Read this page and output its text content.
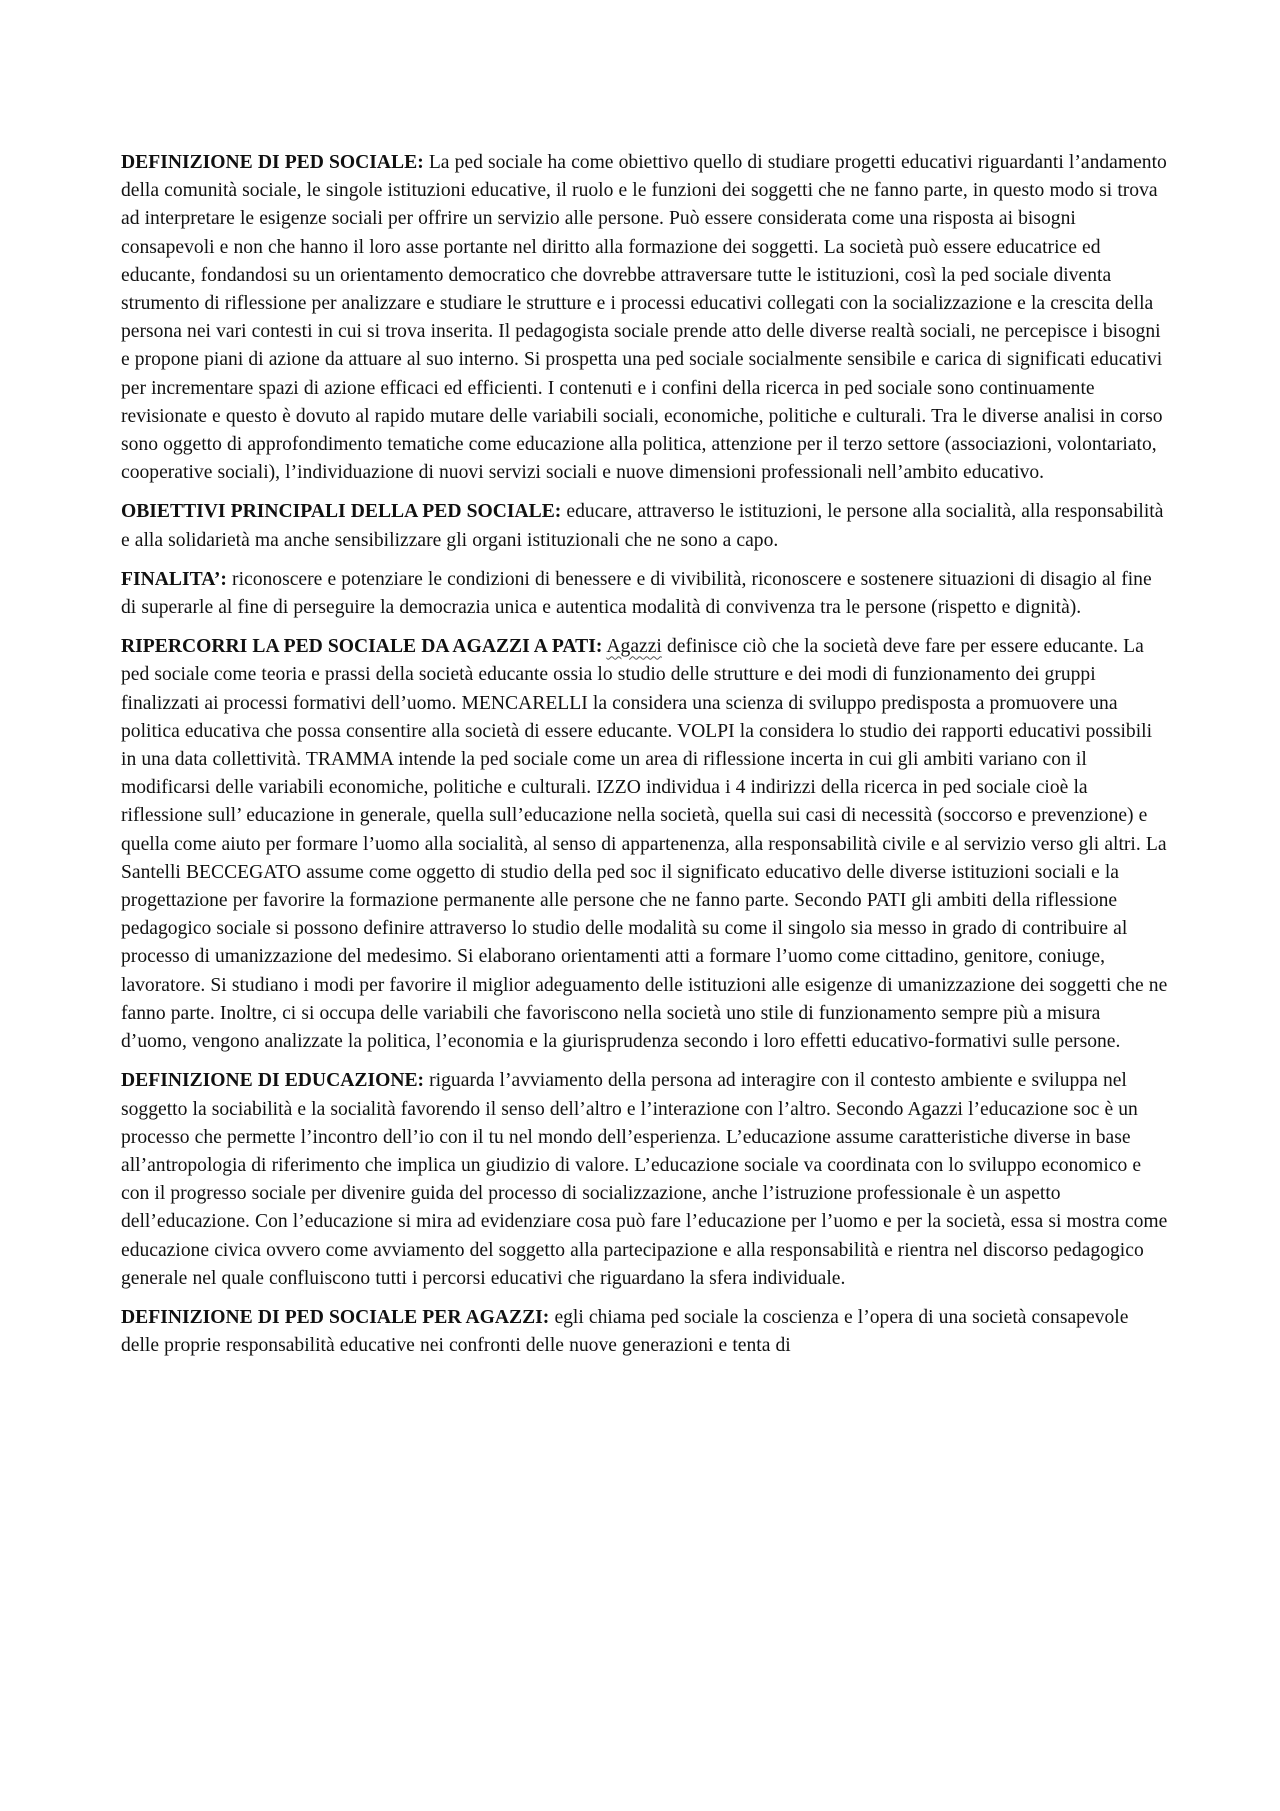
DEFINIZIONE DI PED SOCIALE: La ped sociale ha come obiettivo quello di studiare progetti educativi riguardanti l’andamento della comunità sociale, le singole istituzioni educative, il ruolo e le funzioni dei soggetti che ne fanno parte, in questo modo si trova ad interpretare le esigenze sociali per offrire un servizio alle persone. Può essere considerata come una risposta ai bisogni consapevoli e non che hanno il loro asse portante nel diritto alla formazione dei soggetti. La società può essere educatrice ed educante, fondandosi su un orientamento democratico che dovrebbe attraversare tutte le istituzioni, così la ped sociale diventa strumento di riflessione per analizzare e studiare le strutture e i processi educativi collegati con la socializzazione e la crescita della persona nei vari contesti in cui si trova inserita. Il pedagogista sociale prende atto delle diverse realtà sociali, ne percepisce i bisogni e propone piani di azione da attuare al suo interno. Si prospetta una ped sociale socialmente sensibile e carica di significati educativi per incrementare spazi di azione efficaci ed efficienti. I contenuti e i confini della ricerca in ped sociale sono continuamente revisionate e questo è dovuto al rapido mutare delle variabili sociali, economiche, politiche e culturali. Tra le diverse analisi in corso sono oggetto di approfondimento tematiche come educazione alla politica, attenzione per il terzo settore (associazioni, volontariato, cooperative sociali), l’individuazione di nuovi servizi sociali e nuove dimensioni professionali nell’ambito educativo.

OBIETTIVI PRINCIPALI DELLA PED SOCIALE: educare, attraverso le istituzioni, le persone alla socialità, alla responsabilità e alla solidarietà ma anche sensibilizzare gli organi istituzionali che ne sono a capo.

FINALITA’: riconoscere e potenziare le condizioni di benessere e di vivibilità, riconoscere e sostenere situazioni di disagio al fine di superarle al fine di perseguire la democrazia unica e autentica modalità di convivenza tra le persone (rispetto e dignità).

RIPERCORRI LA PED SOCIALE DA AGAZZI A PATI: Agazzi definisce ciò che la società deve fare per essere educante. La ped sociale come teoria e prassi della società educante ossia lo studio delle strutture e dei modi di funzionamento dei gruppi finalizzati ai processi formativi dell’uomo. MENCARELLI la considera una scienza di sviluppo predisposta a promuovere una politica educativa che possa consentire alla società di essere educante. VOLPI la considera lo studio dei rapporti educativi possibili in una data collettività. TRAMMA intende la ped sociale come un area di riflessione incerta in cui gli ambiti variano con il modificarsi delle variabili economiche, politiche e culturali. IZZO individua i 4 indirizzi della ricerca in ped sociale cioè la riflessione sull’ educazione in generale, quella sull’educazione nella società, quella sui casi di necessità (soccorso e prevenzione) e quella come aiuto per formare l’uomo alla socialità, al senso di appartenenza, alla responsabilità civile e al servizio verso gli altri. La Santelli BECCEGATO assume come oggetto di studio della ped soc il significato educativo delle diverse istituzioni sociali e la progettazione per favorire la formazione permanente alle persone che ne fanno parte. Secondo PATI gli ambiti della riflessione pedagogico sociale si possono definire attraverso lo studio delle modalità su come il singolo sia messo in grado di contribuire al processo di umanizzazione del medesimo. Si elaborano orientamenti atti a formare l’uomo come cittadino, genitore, coniuge, lavoratore. Si studiano i modi per favorire il miglior adeguamento delle istituzioni alle esigenze di umanizzazione dei soggetti che ne fanno parte. Inoltre, ci si occupa delle variabili che favoriscono nella società uno stile di funzionamento sempre più a misura d’uomo, vengono analizzate la politica, l’economia e la giurisprudenza secondo i loro effetti educativo-formativi sulle persone.

DEFINIZIONE DI EDUCAZIONE: riguarda l’avviamento della persona ad interagire con il contesto ambiente e sviluppa nel soggetto la sociabilità e la socialità favorendo il senso dell’altro e l’interazione con l’altro. Secondo Agazzi l’educazione soc è un processo che permette l’incontro dell’io con il tu nel mondo dell’esperienza. L’educazione assume caratteristiche diverse in base all’antropologia di riferimento che implica un giudizio di valore. L’educazione sociale va coordinata con lo sviluppo economico e con il progresso sociale per divenire guida del processo di socializzazione, anche l’istruzione professionale è un aspetto dell’educazione. Con l’educazione si mira ad evidenziare cosa può fare l’educazione per l’uomo e per la società, essa si mostra come educazione civica ovvero come avviamento del soggetto alla partecipazione e alla responsabilità e rientra nel discorso pedagogico generale nel quale confluiscono tutti i percorsi educativi che riguardano la sfera individuale.

DEFINIZIONE DI PED SOCIALE PER AGAZZI: egli chiama ped sociale la coscienza e l’opera di una società consapevole delle proprie responsabilità educative nei confronti delle nuove generazioni e tenta di
